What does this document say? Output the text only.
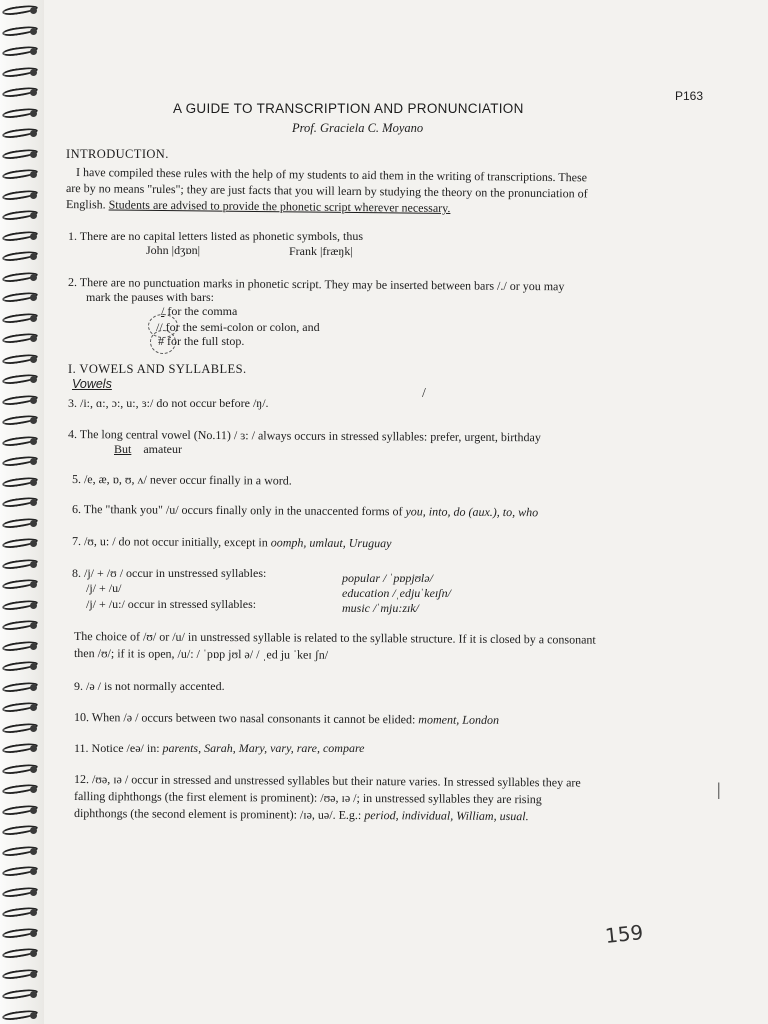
P163
A GUIDE TO TRANSCRIPTION AND PRONUNCIATION
Prof. Graciela C. Moyano
INTRODUCTION.
I have compiled these rules with the help of my students to aid them in the writing of transcriptions. These
are by no means "rules"; they are just facts that you will learn by studying the theory on the pronunciation of
English. Students are advised to provide the phonetic script wherever necessary.
1. There are no capital letters listed as phonetic symbols, thus
John |dʒɒn|	Frank |fræŋk|
2. There are no punctuation marks in phonetic script. They may be inserted between bars /./ or you may
mark the pauses with bars:
/ for the comma
// for the semi-colon or colon, and
# for the full stop.
I. VOWELS AND SYLLABLES.
Vowels
/
3. /i:, ɑ:, ɔ:, u:, ɜ:/ do not occur before /ŋ/.
4. The long central vowel (No.11) / ɜ: / always occurs in stressed syllables: prefer, urgent, birthday
But amateur
5. /e, æ, ɒ, ʊ, ʌ/ never occur finally in a word.
6. The "thank you" /u/ occurs finally only in the unaccented forms of you, into, do (aux.), to, who
7. /ʊ, u: / do not occur initially, except in oomph, umlaut, Uruguay
8. /j/ + /ʊ / occur in unstressed syllables:
/j/ + /u/
/j/ + /u:/ occur in stressed syllables:
popular / ˈpɒpjʊlə/
education /ˌedjuˈkeɪʃn/
music /ˈmju:zɪk/
The choice of /ʊ/ or /u/ in unstressed syllable is related to the syllable structure. If it is closed by a consonant
then /ʊ/; if it is open, /u/: / ˈpɒp jʊl ə/ / ˌed ju ˈkeɪ ʃn/
9. /ə / is not normally accented.
10. When /ə / occurs between two nasal consonants it cannot be elided: moment, London
11. Notice /eə/ in: parents, Sarah, Mary, vary, rare, compare
12. /ʊə, ɪə / occur in stressed and unstressed syllables but their nature varies. In stressed syllables they are
falling diphthongs (the first element is prominent): /ʊə, ɪə /; in unstressed syllables they are rising
diphthongs (the second element is prominent): /ɪə, uə/. E.g.: period, individual, William, usual.
|
159
